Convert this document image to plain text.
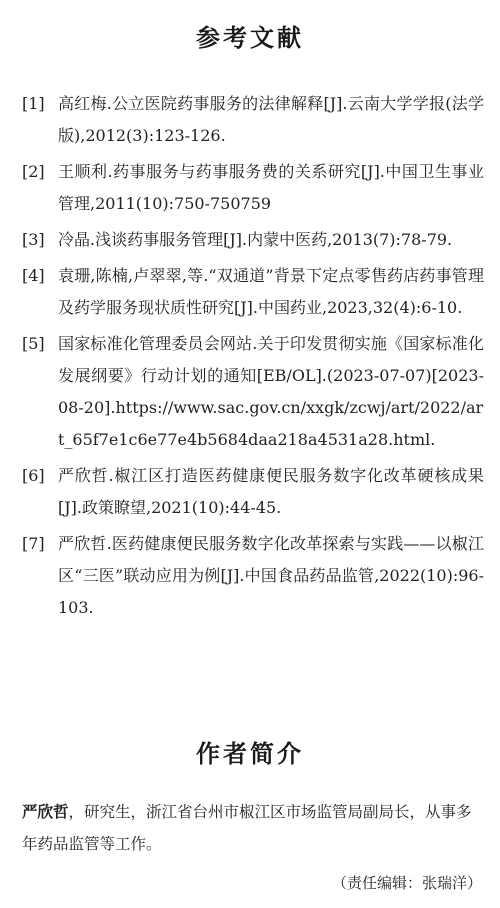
参考文献
[1] 高红梅.公立医院药事服务的法律解释[J].云南大学学报(法学版),2012(3):123-126.
[2] 王顺利.药事服务与药事服务费的关系研究[J].中国卫生事业管理,2011(10):750-750759
[3] 冷晶.浅谈药事服务管理[J].内蒙中医药,2013(7):78-79.
[4] 袁珊,陈楠,卢翠翠,等.“双通道”背景下定点零售药店药事管理及药学服务现状质性研究[J].中国药业,2023,32(4):6-10.
[5] 国家标准化管理委员会网站.关于印发贯彻实施《国家标准化发展纲要》行动计划的通知[EB/OL].(2023-07-07)[2023-08-20].https://www.sac.gov.cn/xxgk/zcwj/art/2022/art_65f7e1c6e77e4b5684daa218a4531a28.html.
[6] 严欣哲.椒江区打造医药健康便民服务数字化改革硬核成果[J].政策瞭望,2021(10):44-45.
[7] 严欣哲.医药健康便民服务数字化改革探索与实践——以椒江区“三医”联动应用为例[J].中国食品药品监管,2022(10):96-103.
作者简介
严欣哲，研究生，浙江省台州市椒江区市场监管局副局长，从事多年药品监管等工作。
（责任编辑：张瑞洋）
